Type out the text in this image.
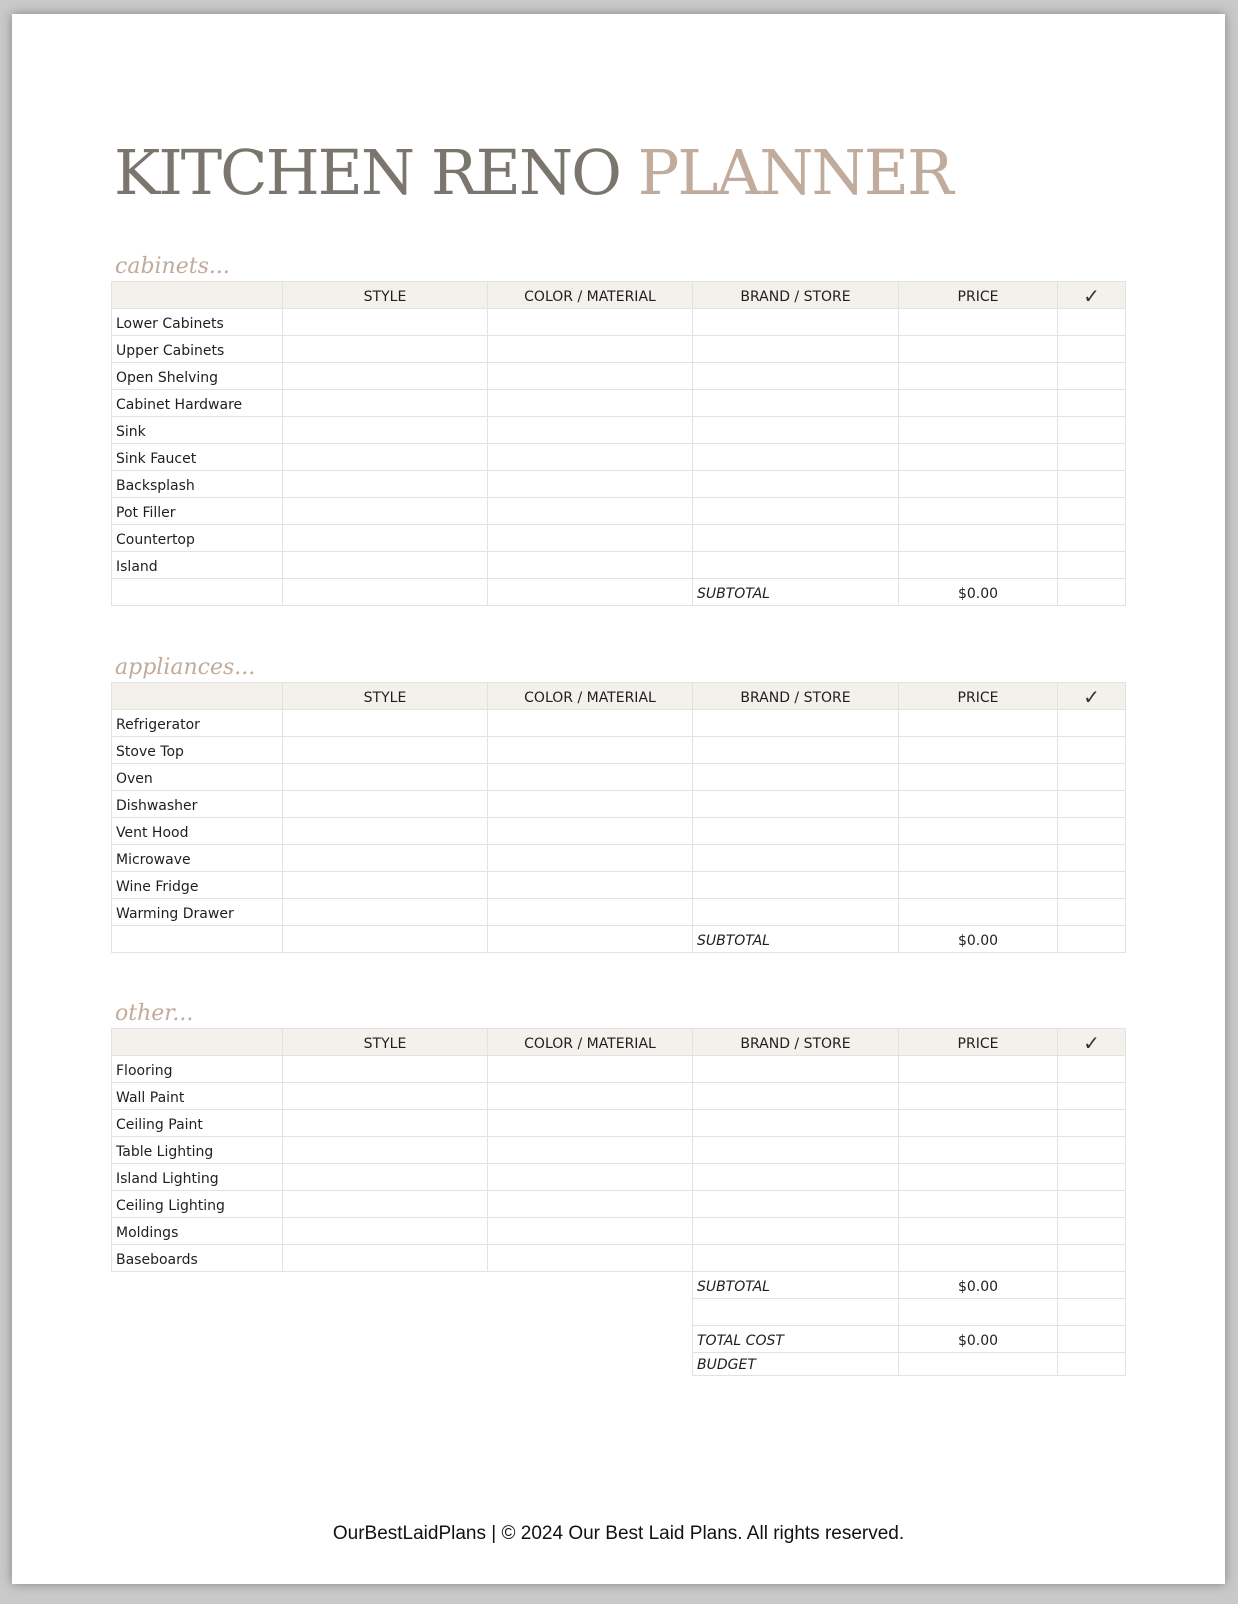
KITCHEN RENO PLANNER
cabinets...
	STYLE	COLOR / MATERIAL	BRAND / STORE	PRICE	✓
Lower Cabinets					
Upper Cabinets					
Open Shelving					
Cabinet Hardware					
Sink					
Sink Faucet					
Backsplash					
Pot Filler					
Countertop					
Island					
			SUBTOTAL	$0.00	
appliances...
	STYLE	COLOR / MATERIAL	BRAND / STORE	PRICE	✓
Refrigerator					
Stove Top					
Oven					
Dishwasher					
Vent Hood					
Microwave					
Wine Fridge					
Warming Drawer					
			SUBTOTAL	$0.00	
other...
	STYLE	COLOR / MATERIAL	BRAND / STORE	PRICE	✓
Flooring					
Wall Paint					
Ceiling Paint					
Table Lighting					
Island Lighting					
Ceiling Lighting					
Moldings					
Baseboards					
			SUBTOTAL	$0.00	

			TOTAL COST	$0.00	
			BUDGET		
OurBestLaidPlans | © 2024 Our Best Laid Plans. All rights reserved.
